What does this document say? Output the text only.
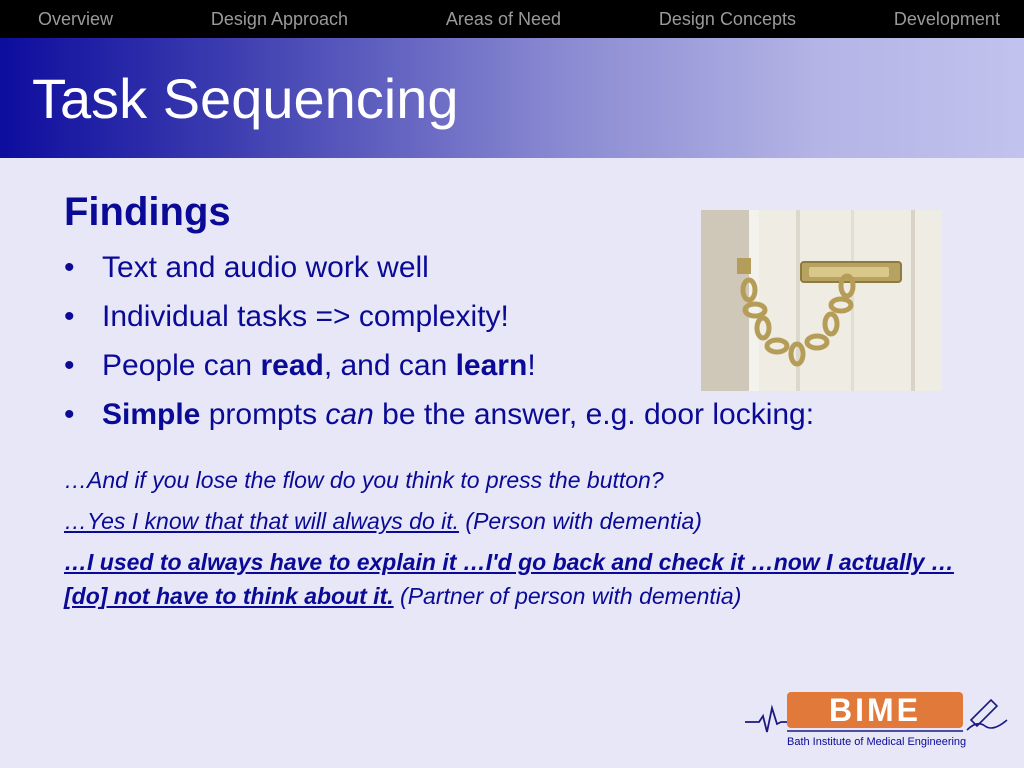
Overview	Design Approach	Areas of Need	Design Concepts	Development
Task Sequencing
Findings
• Text and audio work well
• Individual tasks => complexity!
• People can read, and can learn!
• Simple prompts can be the answer, e.g. door locking:

…And if you lose the flow do you think to press the button?

…Yes I know that that will always do it. (Person with dementia)

…I used to always have to explain it …I'd go back and check it …now I actually …[do] not have to think about it. (Partner of person with dementia)

BIME
Bath Institute of Medical Engineering
